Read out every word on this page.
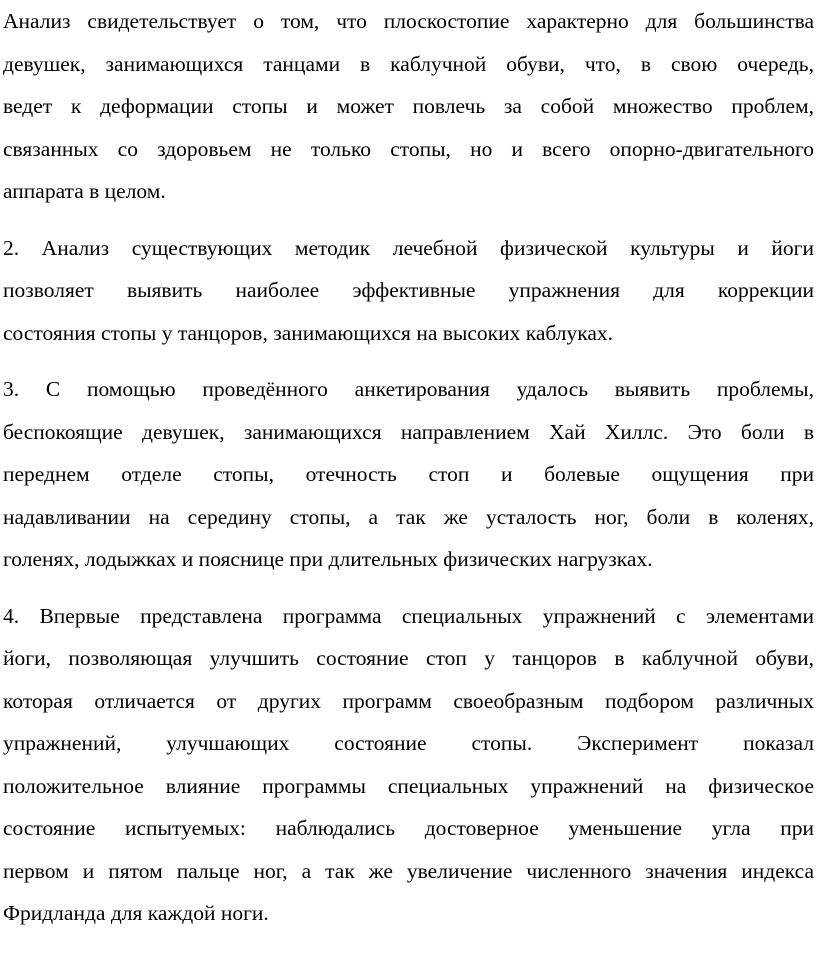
Анализ свидетельствует о том, что плоскостопие характерно для большинства
девушек, занимающихся танцами в каблучной обуви, что, в свою очередь,
ведет к деформации стопы и может повлечь за собой множество проблем,
связанных со здоровьем не только стопы, но и всего опорно-двигательного
аппарата в целом.
2. Анализ существующих методик лечебной физической культуры и йоги
позволяет выявить наиболее эффективные упражнения для коррекции
состояния стопы у танцоров, занимающихся на высоких каблуках.
3. С помощью проведённого анкетирования удалось выявить проблемы,
беспокоящие девушек, занимающихся направлением Хай Хиллс. Это боли в
переднем отделе стопы, отечность стоп и болевые ощущения при
надавливании на середину стопы, а так же усталость ног, боли в коленях,
голенях, лодыжках и пояснице при длительных физических нагрузках.
4. Впервые представлена программа специальных упражнений с элементами
йоги, позволяющая улучшить состояние стоп у танцоров в каблучной обуви,
которая отличается от других программ своеобразным подбором различных
упражнений, улучшающих состояние стопы. Эксперимент показал
положительное влияние программы специальных упражнений на физическое
состояние испытуемых: наблюдались достоверное уменьшение угла при
первом и пятом пальце ног, а так же увеличение численного значения индекса
Фридланда для каждой ноги.
